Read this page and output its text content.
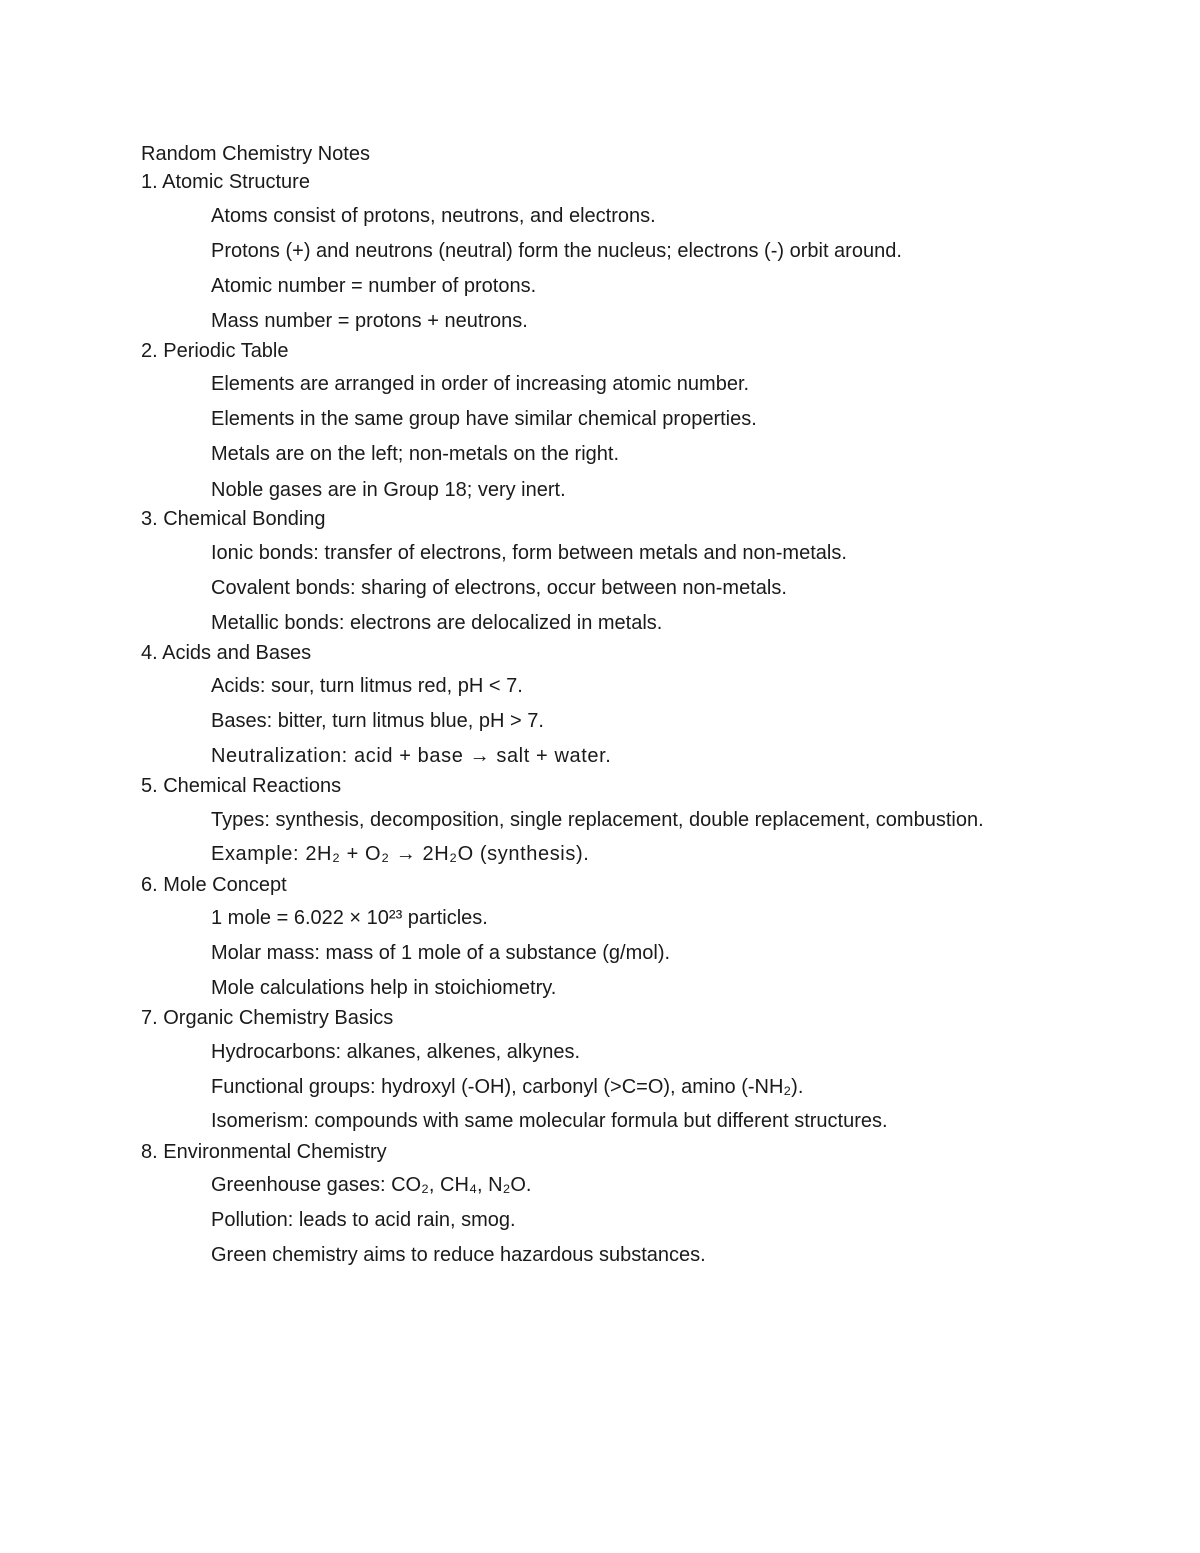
Random Chemistry Notes
1. Atomic Structure
Atoms consist of protons, neutrons, and electrons.
Protons (+) and neutrons (neutral) form the nucleus; electrons (-) orbit around.
Atomic number = number of protons.
Mass number = protons + neutrons.
2. Periodic Table
Elements are arranged in order of increasing atomic number.
Elements in the same group have similar chemical properties.
Metals are on the left; non-metals on the right.
Noble gases are in Group 18; very inert.
3. Chemical Bonding
Ionic bonds: transfer of electrons, form between metals and non-metals.
Covalent bonds: sharing of electrons, occur between non-metals.
Metallic bonds: electrons are delocalized in metals.
4. Acids and Bases
Acids: sour, turn litmus red, pH < 7.
Bases: bitter, turn litmus blue, pH > 7.
Neutralization: acid + base → salt + water.
5. Chemical Reactions
Types: synthesis, decomposition, single replacement, double replacement, combustion.
Example: 2H₂ + O₂ → 2H₂O (synthesis).
6. Mole Concept
1 mole = 6.022 × 10²³ particles.
Molar mass: mass of 1 mole of a substance (g/mol).
Mole calculations help in stoichiometry.
7. Organic Chemistry Basics
Hydrocarbons: alkanes, alkenes, alkynes.
Functional groups: hydroxyl (-OH), carbonyl (>C=O), amino (-NH₂).
Isomerism: compounds with same molecular formula but different structures.
8. Environmental Chemistry
Greenhouse gases: CO₂, CH₄, N₂O.
Pollution: leads to acid rain, smog.
Green chemistry aims to reduce hazardous substances.
